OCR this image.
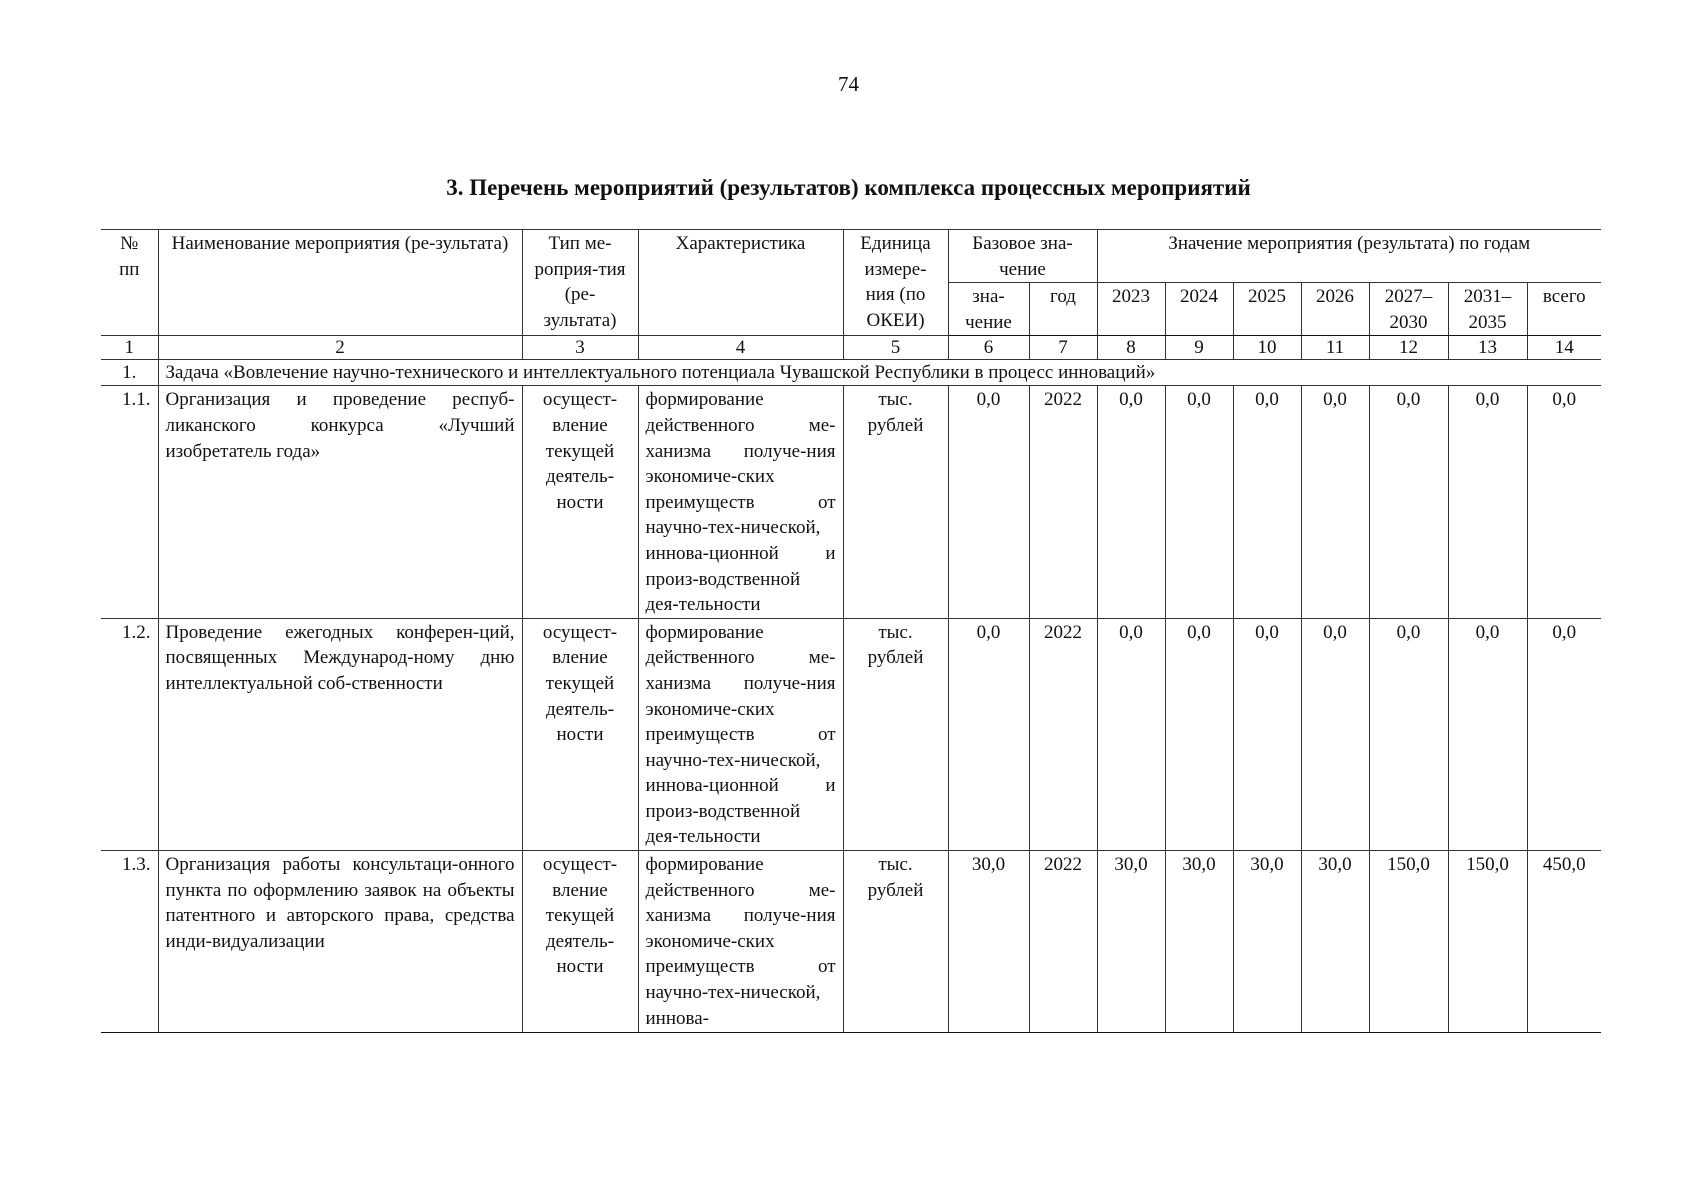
74
3. Перечень мероприятий (результатов) комплекса процессных мероприятий
№ пп	Наименование мероприятия (ре-зультата)	Тип ме-роприя-тия (ре-зультата)	Характеристика	Единица измере-ния (по ОКЕИ)	Базовое зна-чение		Значение мероприятия (результата) по годам						
					зна-чение	год	2023	2024	2025	2026	2027–2030	2031–2035	всего
1	2	3	4	5	6	7	8	9	10	11	12	13	14
1.	Задача «Вовлечение научно-технического и интеллектуального потенциала Чувашской Республики в процесс инноваций»												
1.1.	Организация и проведение респуб-ликанского конкурса «Лучший изобретатель года»	осущест-вление текущей деятель-ности	формирование действенного ме-ханизма получе-ния экономиче-ских преимуществ от научно-тех-нической, иннова-ционной и произ-водственной дея-тельности	тыс. рублей	0,0	2022	0,0	0,0	0,0	0,0	0,0	0,0	0,0
1.2.	Проведение ежегодных конферен-ций, посвященных Международ-ному дню интеллектуальной соб-ственности	осущест-вление текущей деятель-ности	формирование действенного ме-ханизма получе-ния экономиче-ских преимуществ от научно-тех-нической, иннова-ционной и произ-водственной дея-тельности	тыс. рублей	0,0	2022	0,0	0,0	0,0	0,0	0,0	0,0	0,0
1.3.	Организация работы консультаци-онного пункта по оформлению заявок на объекты патентного и авторского права, средства инди-видуализации	осущест-вление текущей деятель-ности	формирование действенного ме-ханизма получе-ния экономиче-ских преимуществ от научно-тех-нической, иннова-	тыс. рублей	30,0	2022	30,0	30,0	30,0	30,0	150,0	150,0	450,0
